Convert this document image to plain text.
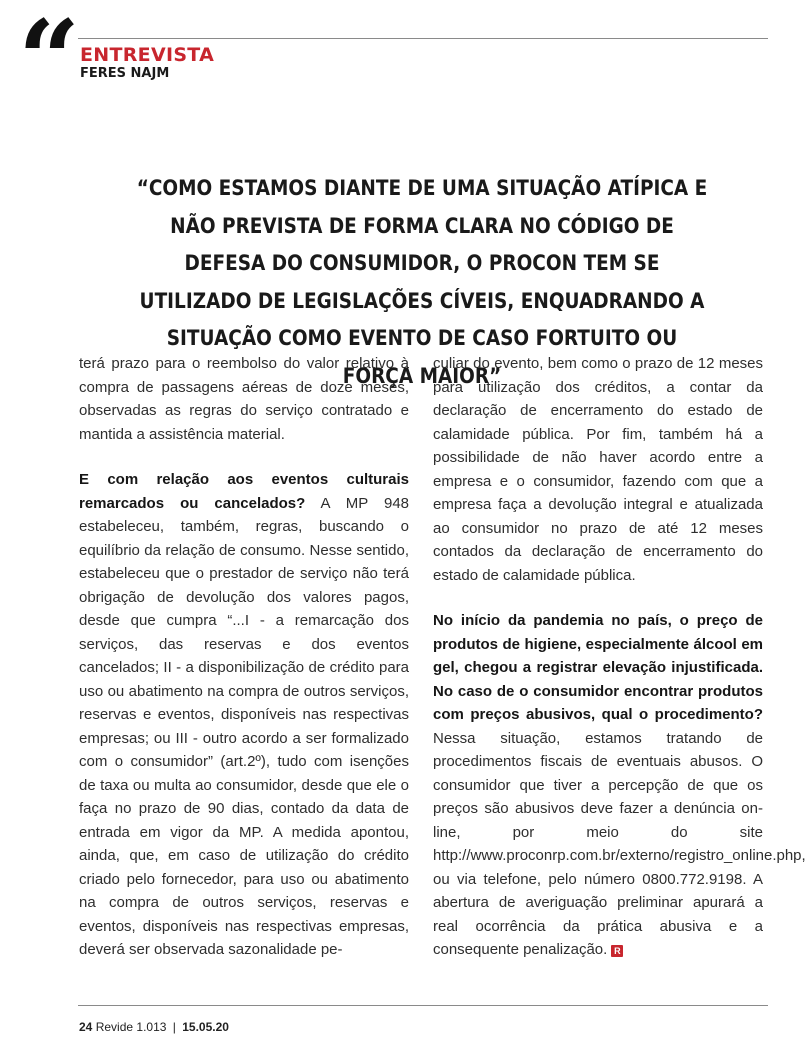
“ ENTREVISTA
FERES NAJM
“COMO ESTAMOS DIANTE DE UMA SITUAÇÃO ATÍPICA E NÃO PREVISTA DE FORMA CLARA NO CÓDIGO DE DEFESA DO CONSUMIDOR, O PROCON TEM SE UTILIZADO DE LEGISLAÇÕES CÍVEIS, ENQUADRANDO A SITUAÇÃO COMO EVENTO DE CASO FORTUITO OU FORÇA MAIOR”

terá prazo para o reembolso do valor relativo à compra de passagens aéreas de doze meses, observadas as regras do serviço contratado e mantida a assistência material.

E com relação aos eventos culturais remarcados ou cancelados? A MP 948 estabeleceu, também, regras, buscando o equilíbrio da relação de consumo. Nesse sentido, estabeleceu que o prestador de serviço não terá obrigação de devolução dos valores pagos, desde que cumpra “...I - a remarcação dos serviços, das reservas e dos eventos cancelados; II - a disponibilização de crédito para uso ou abatimento na compra de outros serviços, reservas e eventos, disponíveis nas respectivas empresas; ou III - outro acordo a ser formalizado com o consumidor” (art.2º), tudo com isenções de taxa ou multa ao consumidor, desde que ele o faça no prazo de 90 dias, contado da data de entrada em vigor da MP. A medida apontou, ainda, que, em caso de utilização do crédito criado pelo fornecedor, para uso ou abatimento na compra de outros serviços, reservas e eventos, disponíveis nas respectivas empresas, deverá ser observada sazonalidade pe-

culiar do evento, bem como o prazo de 12 meses para utilização dos créditos, a contar da declaração de encerramento do estado de calamidade pública. Por fim, também há a possibilidade de não haver acordo entre a empresa e o consumidor, fazendo com que a empresa faça a devolução integral e atualizada ao consumidor no prazo de até 12 meses contados da declaração de encerramento do estado de calamidade pública.

No início da pandemia no país, o preço de produtos de higiene, especialmente álcool em gel, chegou a registrar elevação injustificada. No caso de o consumidor encontrar produtos com preços abusivos, qual o procedimento? Nessa situação, estamos tratando de procedimentos fiscais de eventuais abusos. O consumidor que tiver a percepção de que os preços são abusivos deve fazer a denúncia on-line, por meio do site http://www.proconrp.com.br/externo/registro_online.php, ou via telefone, pelo número 0800.772.9198. A abertura de averiguação preliminar apurará a real ocorrência da prática abusiva e a consequente penalização. R

24 Revide 1.013 | 15.05.20
